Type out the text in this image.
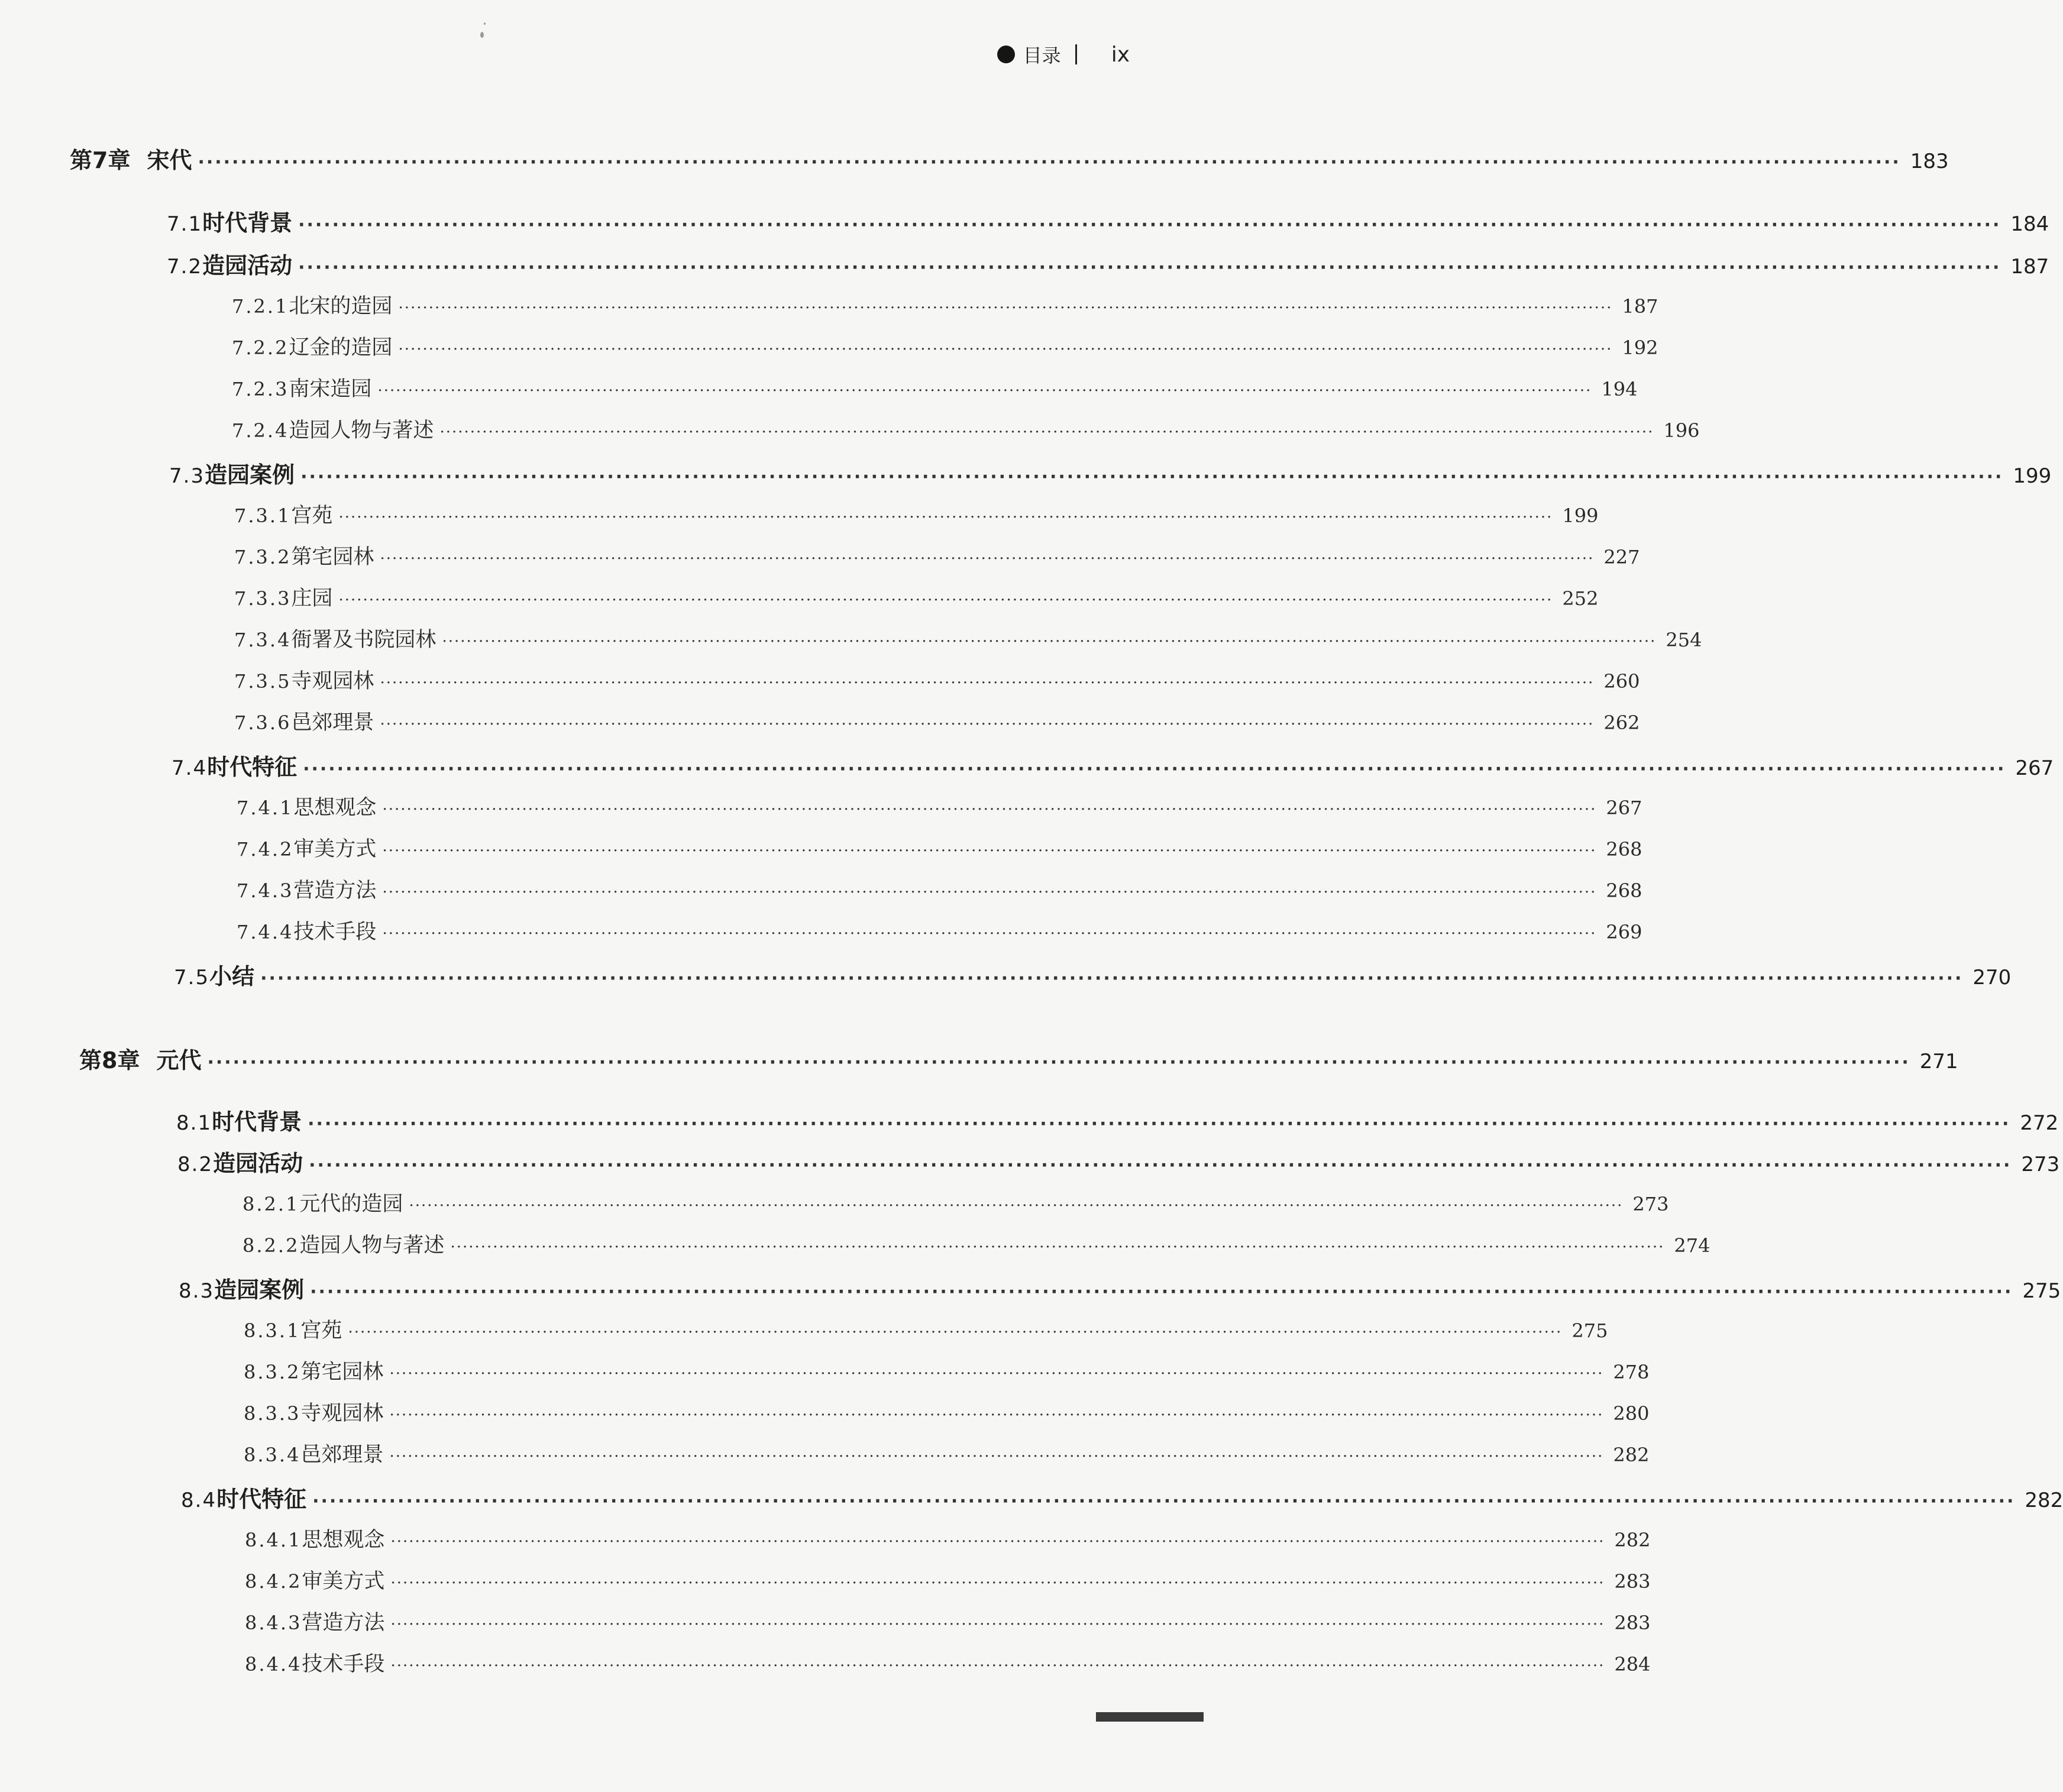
目录 ix
第7章 宋代 ········································································································································································································ 183
7.1 时代背景 ········································································································································································································ 184
7.2 造园活动 ········································································································································································································ 187
7.2.1 北宋的造园 ········································································································································································································ 187
7.2.2 辽金的造园 ········································································································································································································ 192
7.2.3 南宋造园 ········································································································································································································ 194
7.2.4 造园人物与著述 ········································································································································································································ 196
7.3 造园案例 ········································································································································································································ 199
7.3.1 宫苑 ········································································································································································································ 199
7.3.2 第宅园林 ········································································································································································································ 227
7.3.3 庄园 ········································································································································································································ 252
7.3.4 衙署及书院园林 ········································································································································································································ 254
7.3.5 寺观园林 ········································································································································································································ 260
7.3.6 邑郊理景 ········································································································································································································ 262
7.4 时代特征 ········································································································································································································ 267
7.4.1 思想观念 ········································································································································································································ 267
7.4.2 审美方式 ········································································································································································································ 268
7.4.3 营造方法 ········································································································································································································ 268
7.4.4 技术手段 ········································································································································································································ 269
7.5 小结 ········································································································································································································ 270
第8章 元代 ········································································································································································································ 271
8.1 时代背景 ········································································································································································································ 272
8.2 造园活动 ········································································································································································································ 273
8.2.1 元代的造园 ········································································································································································································ 273
8.2.2 造园人物与著述 ········································································································································································································ 274
8.3 造园案例 ········································································································································································································ 275
8.3.1 宫苑 ········································································································································································································ 275
8.3.2 第宅园林 ········································································································································································································ 278
8.3.3 寺观园林 ········································································································································································································ 280
8.3.4 邑郊理景 ········································································································································································································ 282
8.4 时代特征 ········································································································································································································ 282
8.4.1 思想观念 ········································································································································································································ 282
8.4.2 审美方式 ········································································································································································································ 283
8.4.3 营造方法 ········································································································································································································ 283
8.4.4 技术手段 ········································································································································································································ 284
